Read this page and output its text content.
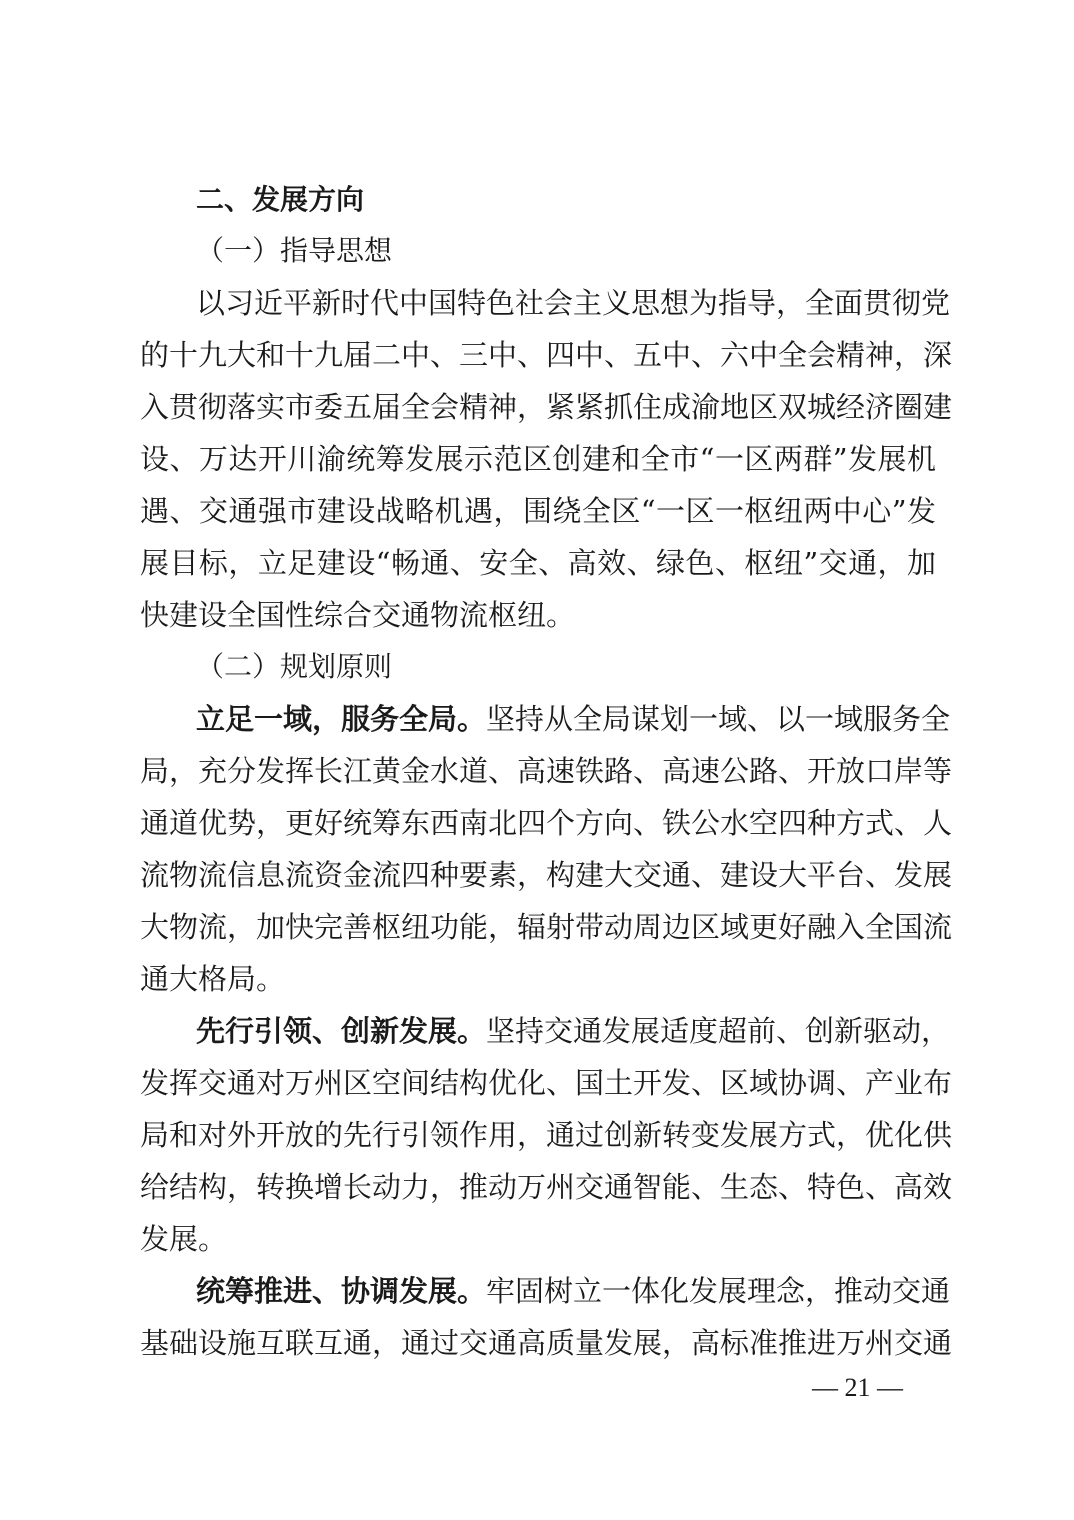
二、发展方向
（一）指导思想
以习近平新时代中国特色社会主义思想为指导，全面贯彻党
的十九大和十九届二中、三中、四中、五中、六中全会精神，深
入贯彻落实市委五届全会精神，紧紧抓住成渝地区双城经济圈建
设、万达开川渝统筹发展示范区创建和全市“一区两群”发展机
遇、交通强市建设战略机遇，围绕全区“一区一枢纽两中心”发
展目标，立足建设“畅通、安全、高效、绿色、枢纽”交通，加
快建设全国性综合交通物流枢纽。
（二）规划原则
立足一域，服务全局。坚持从全局谋划一域、以一域服务全
局，充分发挥长江黄金水道、高速铁路、高速公路、开放口岸等
通道优势，更好统筹东西南北四个方向、铁公水空四种方式、人
流物流信息流资金流四种要素，构建大交通、建设大平台、发展
大物流，加快完善枢纽功能，辐射带动周边区域更好融入全国流
通大格局。
先行引领、创新发展。坚持交通发展适度超前、创新驱动，
发挥交通对万州区空间结构优化、国土开发、区域协调、产业布
局和对外开放的先行引领作用，通过创新转变发展方式，优化供
给结构，转换增长动力，推动万州交通智能、生态、特色、高效
发展。
统筹推进、协调发展。牢固树立一体化发展理念，推动交通
基础设施互联互通，通过交通高质量发展，高标准推进万州交通
— 21 —
